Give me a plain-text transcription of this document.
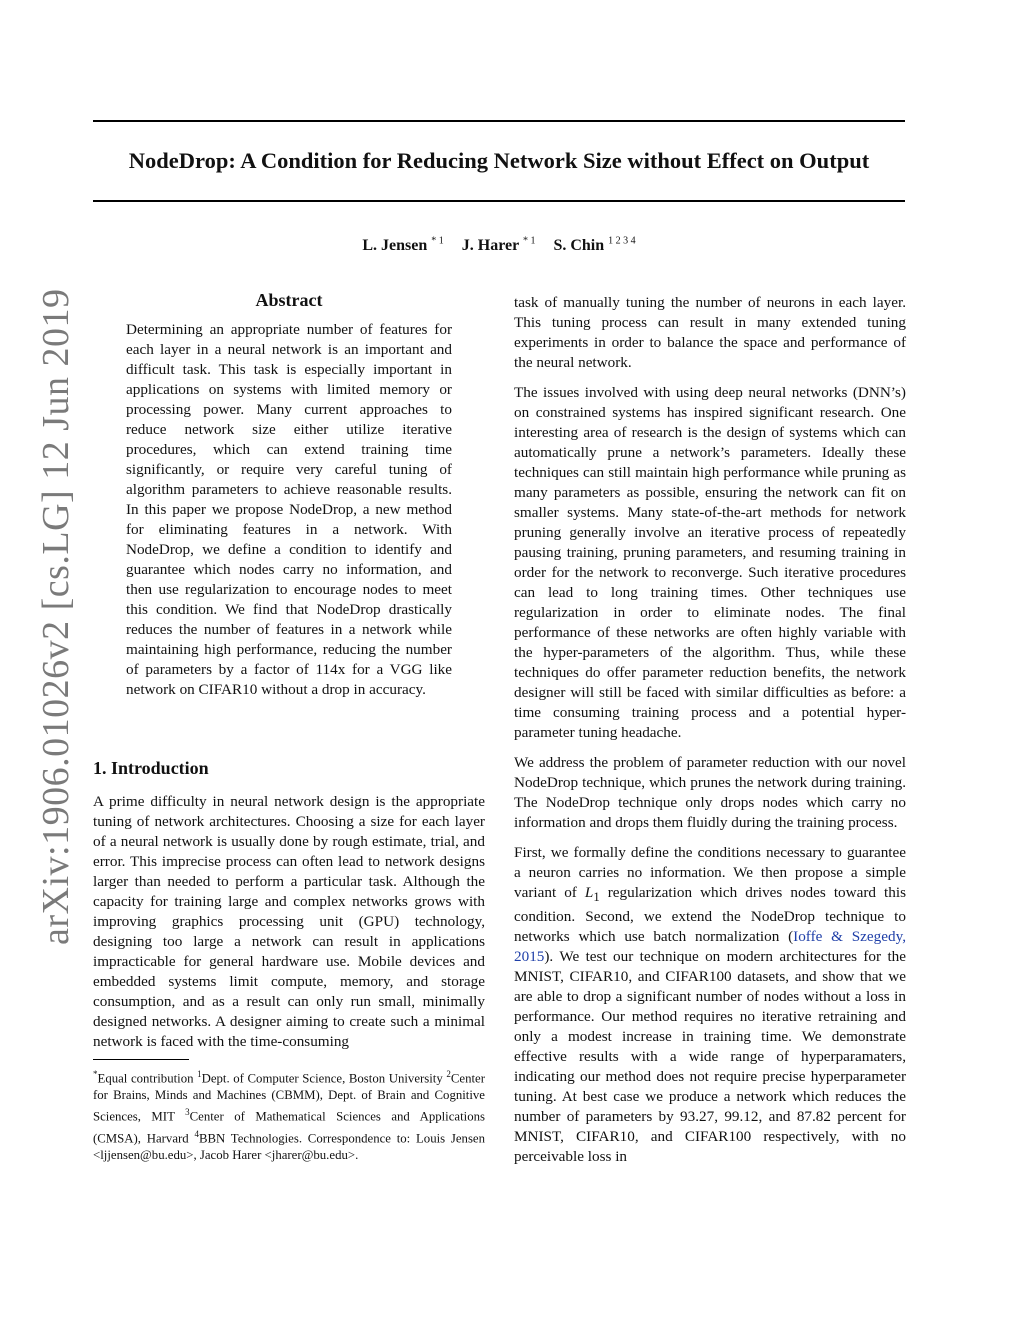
arXiv:1906.01026v2 [cs.LG] 12 Jun 2019
NodeDrop: A Condition for Reducing Network Size without Effect on Output
L. Jensen $^{* 1}$ J. Harer $^{* 1}$ S. Chin $^{1 2 3 4}$
Abstract

Determining an appropriate number of features for each layer in a neural network is an important and difficult task. This task is especially important in applications on systems with limited memory or processing power. Many current approaches to reduce network size either utilize iterative procedures, which can extend training time significantly, or require very careful tuning of algorithm parameters to achieve reasonable results. In this paper we propose NodeDrop, a new method for eliminating features in a network. With NodeDrop, we define a condition to identify and guarantee which nodes carry no information, and then use regularization to encourage nodes to meet this condition. We find that NodeDrop drastically reduces the number of features in a network while maintaining high performance, reducing the number of parameters by a factor of 114x for a VGG like network on CIFAR10 without a drop in accuracy.

1. Introduction

A prime difficulty in neural network design is the appropriate tuning of network architectures. Choosing a size for each layer of a neural network is usually done by rough estimate, trial, and error. This imprecise process can often lead to network designs larger than needed to perform a particular task. Although the capacity for training large and complex networks grows with improving graphics processing unit (GPU) technology, designing too large a network can result in applications impracticable for general hardware use. Mobile devices and embedded systems limit compute, memory, and storage consumption, and as a result can only run small, minimally designed networks. A designer aiming to create such a minimal network is faced with the time-consuming

*Equal contribution $^1$Dept. of Computer Science, Boston University $^2$Center for Brains, Minds and Machines (CBMM), Dept. of Brain and Cognitive Sciences, MIT $^3$Center of Mathematical Sciences and Applications (CMSA), Harvard $^4$BBN Technologies. Correspondence to: Louis Jensen <ljjensen@bu.edu>, Jacob Harer <jharer@bu.edu>.

task of manually tuning the number of neurons in each layer. This tuning process can result in many extended tuning experiments in order to balance the space and performance of the neural network.

The issues involved with using deep neural networks (DNN’s) on constrained systems has inspired significant research. One interesting area of research is the design of systems which can automatically prune a network’s parameters. Ideally these techniques can still maintain high performance while pruning as many parameters as possible, ensuring the network can fit on smaller systems. Many state-of-the-art methods for network pruning generally involve an iterative process of repeatedly pausing training, pruning parameters, and resuming training in order for the network to reconverge. Such iterative procedures can lead to long training times. Other techniques use regularization in order to eliminate nodes. The final performance of these networks are often highly variable with the hyper-parameters of the algorithm. Thus, while these techniques do offer parameter reduction benefits, the network designer will still be faced with similar difficulties as before: a time consuming training process and a potential hyper-parameter tuning headache.

We address the problem of parameter reduction with our novel NodeDrop technique, which prunes the network during training. The NodeDrop technique only drops nodes which carry no information and drops them fluidly during the training process.

First, we formally define the conditions necessary to guarantee a neuron carries no information. We then propose a simple variant of $L_1$ regularization which drives nodes toward this condition. Second, we extend the NodeDrop technique to networks which use batch normalization (Ioffe & Szegedy, 2015). We test our technique on modern architectures for the MNIST, CIFAR10, and CIFAR100 datasets, and show that we are able to drop a significant number of nodes without a loss in performance. Our method requires no iterative retraining and only a modest increase in training time. We demonstrate effective results with a wide range of hyperparamaters, indicating our method does not require precise hyperparameter tuning. At best case we produce a network which reduces the number of parameters by 93.27, 99.12, and 87.82 percent for MNIST, CIFAR10, and CIFAR100 respectively, with no perceivable loss in
